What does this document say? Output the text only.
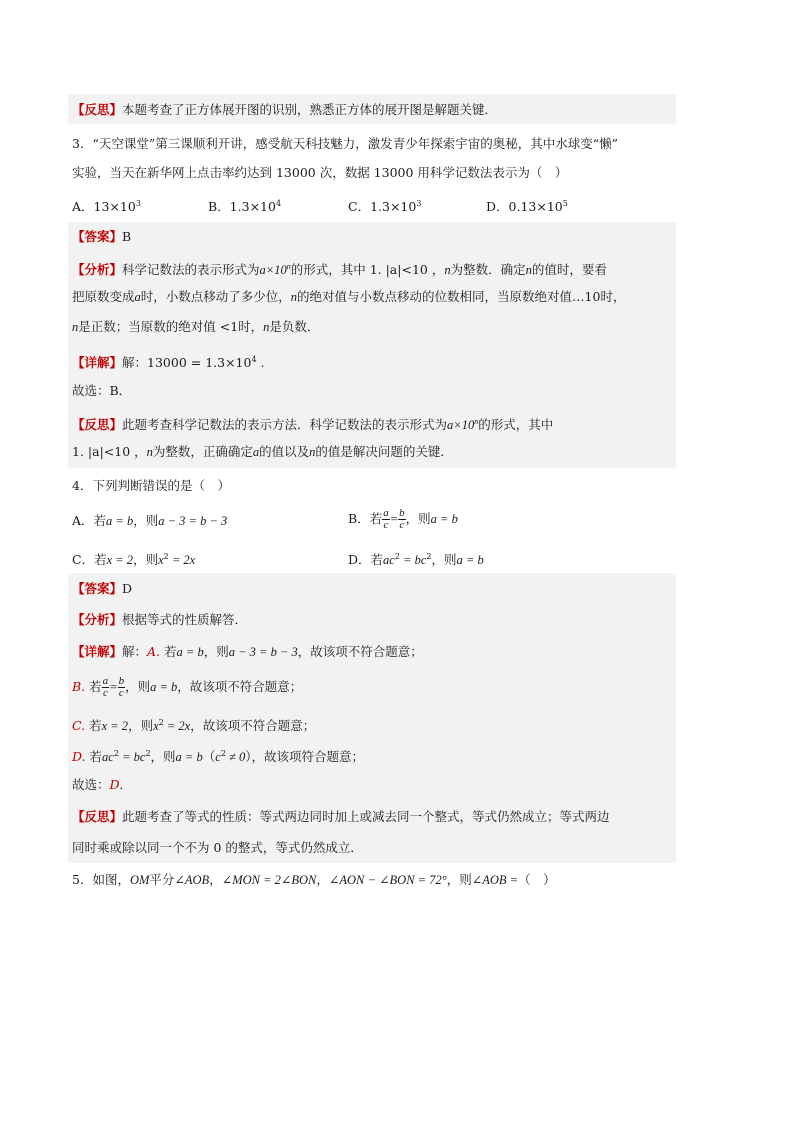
【反思】本题考查了正方体展开图的识别，熟悉正方体的展开图是解题关键．
3．“天空课堂”第三课顺利开讲，感受航天科技魅力，激发青少年探索宇宙的奥秘，其中水球变“懒”
实验，当天在新华网上点击率约达到 13000 次，数据 13000 用科学记数法表示为（　）
A．$13\times 10^3$	B．$1.3\times 10^4$	C．$1.3\times 10^3$	D．$0.13\times 10^5$
【答案】B
【分析】科学记数法的表示形式为$a\times 10^n$的形式，其中 1. |a|<10 ，n为整数．确定n的值时，要看
把原数变成a时，小数点移动了多少位，n的绝对值与小数点移动的位数相同，当原数绝对值…10时，
n是正数；当原数的绝对值 <1时，n是负数．
【详解】解：$13000 = 1.3\times 10^4$ .
故选：B．
【反思】此题考查科学记数法的表示方法．科学记数法的表示形式为$a\times 10^n$的形式，其中
1. |a|<10 ，n为整数，正确确定a的值以及n的值是解决问题的关键．
4．下列判断错误的是（　）
A．若a = b，则a − 3 = b − 3	B．若 $\frac{a}{c} = \frac{b}{c}$ ，则a = b
C．若x = 2，则$x^2 = 2x$	D．若$ac^2 = bc^2$，则a = b
【答案】D
【分析】根据等式的性质解答．
【详解】解：A. 若a = b，则a − 3 = b − 3，故该项不符合题意；
B. 若 $\frac{a}{c} = \frac{b}{c}$ ，则a = b，故该项不符合题意；
C. 若x = 2，则$x^2 = 2x$，故该项不符合题意；
D. 若$ac^2 = bc^2$，则$a = b(c^2 \ne 0)$，故该项符合题意；
故选：D．
【反思】此题考查了等式的性质：等式两边同时加上或减去同一个整式，等式仍然成立；等式两边
同时乘或除以同一个不为 0 的整式，等式仍然成立．
5．如图，OM平分∠AOB，∠MON = 2∠BON，∠AON − ∠BON = 72°，则∠AOB =（　）
